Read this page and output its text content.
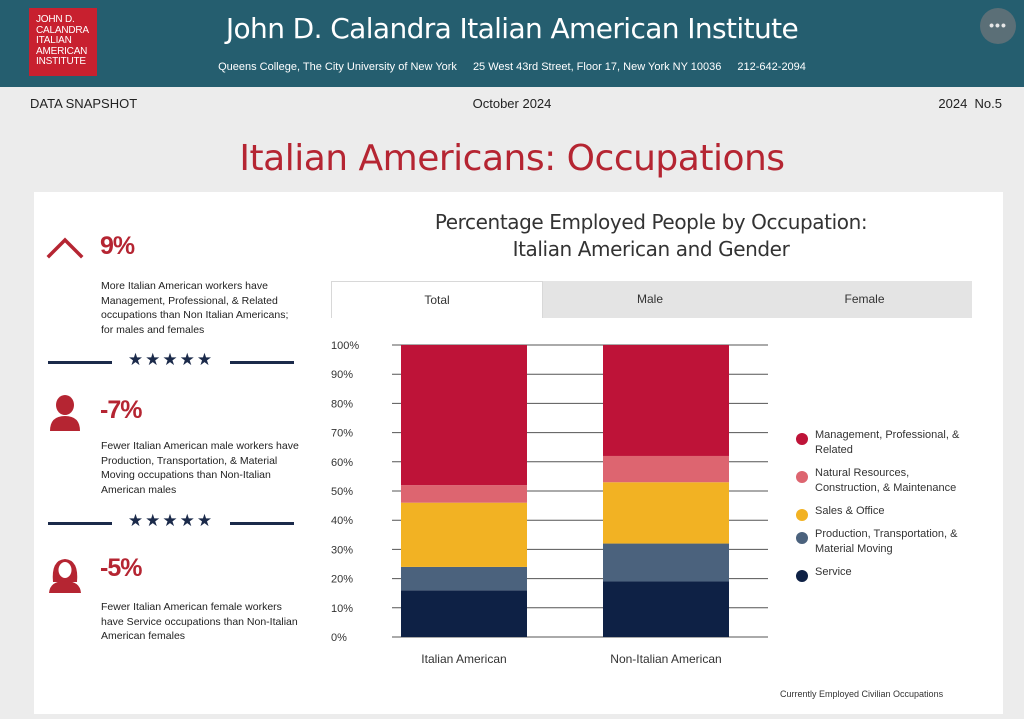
JOHN D.
CALANDRA
ITALIAN
AMERICAN
INSTITUTE
John D. Calandra Italian American Institute
Queens College, The City University of New York 25 West 43rd Street, Floor 17, New York NY 10036 212-642-2094
•••
DATA SNAPSHOT	October 2024	2024  No.5
Italian Americans: Occupations
9%
More Italian American workers have Management, Professional, & Related occupations than Non Italian Americans; for males and females
★★★★★
-7%
Fewer Italian American male workers have Production, Transportation, & Material Moving occupations than Non-Italian American males
★★★★★
-5%
Fewer Italian American female workers have Service occupations than Non-Italian American females
Percentage Employed People by Occupation:
Italian American and Gender
Total	Male	Female
0%
10%
20%
30%
40%
50%
60%
70%
80%
90%
100%
Italian American	Non-Italian American
Management, Professional, &
Related
Natural Resources,
Construction, & Maintenance
Sales & Office
Production, Transportation, &
Material Moving
Service
Currently Employed Civilian Occupations
